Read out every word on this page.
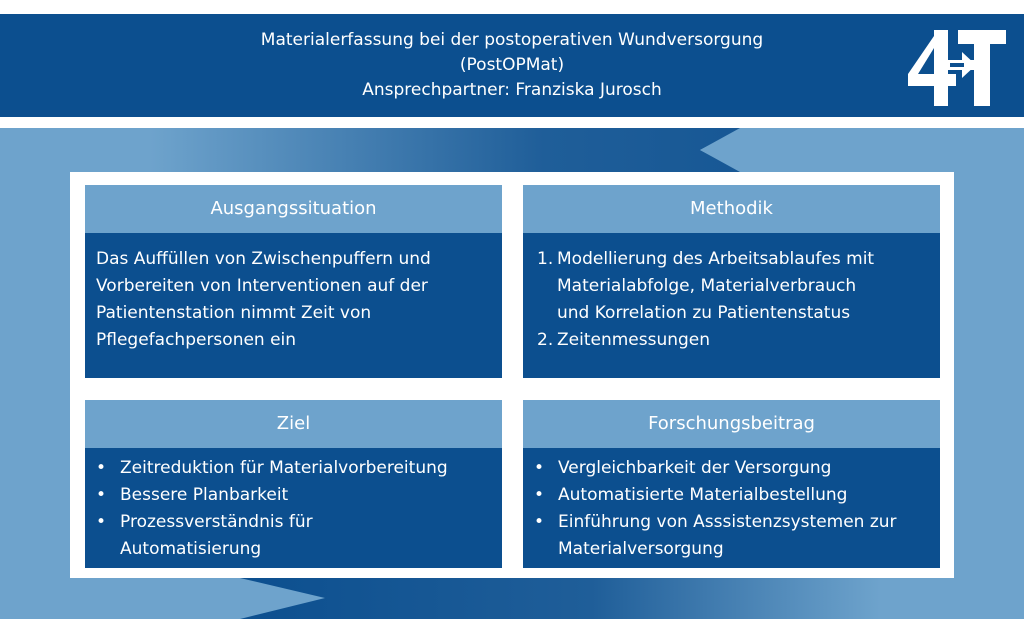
Materialerfassung bei der postoperativen Wundversorgung
(PostOPMat)
Ansprechpartner: Franziska Jurosch
Ausgangssituation
Das Auffüllen von Zwischenpuffern und
Vorbereiten von Interventionen auf der
Patientenstation nimmt Zeit von
Pflegefachpersonen ein
Methodik
1. Modellierung des Arbeitsablaufes mit
Materialabfolge, Materialverbrauch
und Korrelation zu Patientenstatus
2. Zeitenmessungen
Ziel
• Zeitreduktion für Materialvorbereitung
• Bessere Planbarkeit
• Prozessverständnis für
Automatisierung
Forschungsbeitrag
• Vergleichbarkeit der Versorgung
• Automatisierte Materialbestellung
• Einführung von Asssistenzsystemen zur
Materialversorgung
